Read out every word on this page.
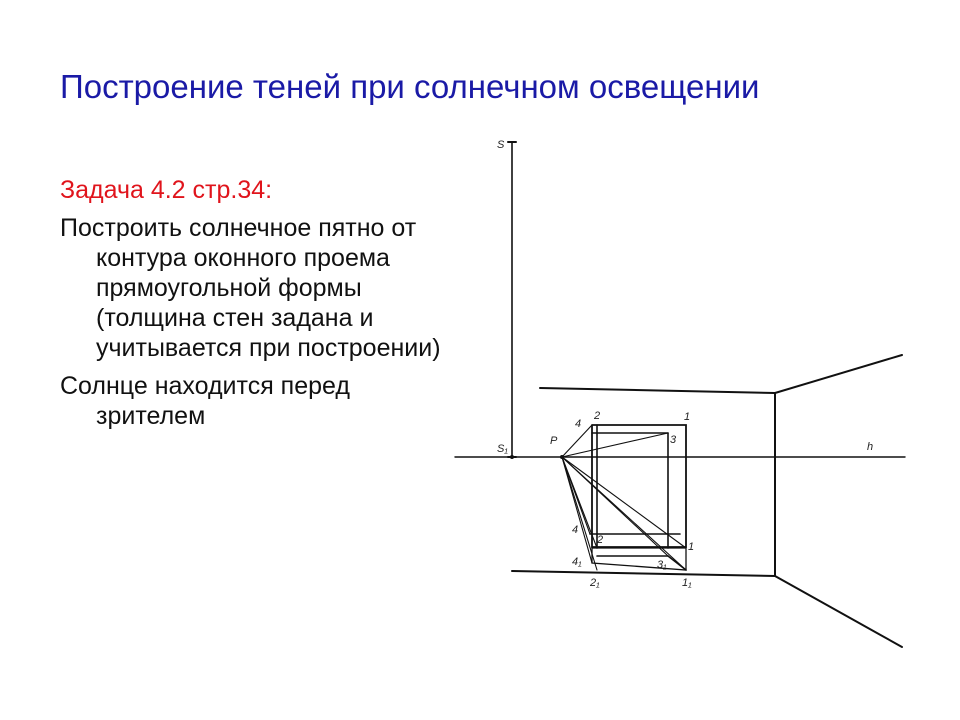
Построение теней при солнечном освещении
Задача 4.2 стр.34:
Построить солнечное пятно от контура оконного проема прямоугольной формы (толщина стен задана и учитывается при построении)
Солнце находится перед зрителем
S
S₁
P	h
4
2	1
3
4
2
1
4₁
2₁
3₁
1₁
